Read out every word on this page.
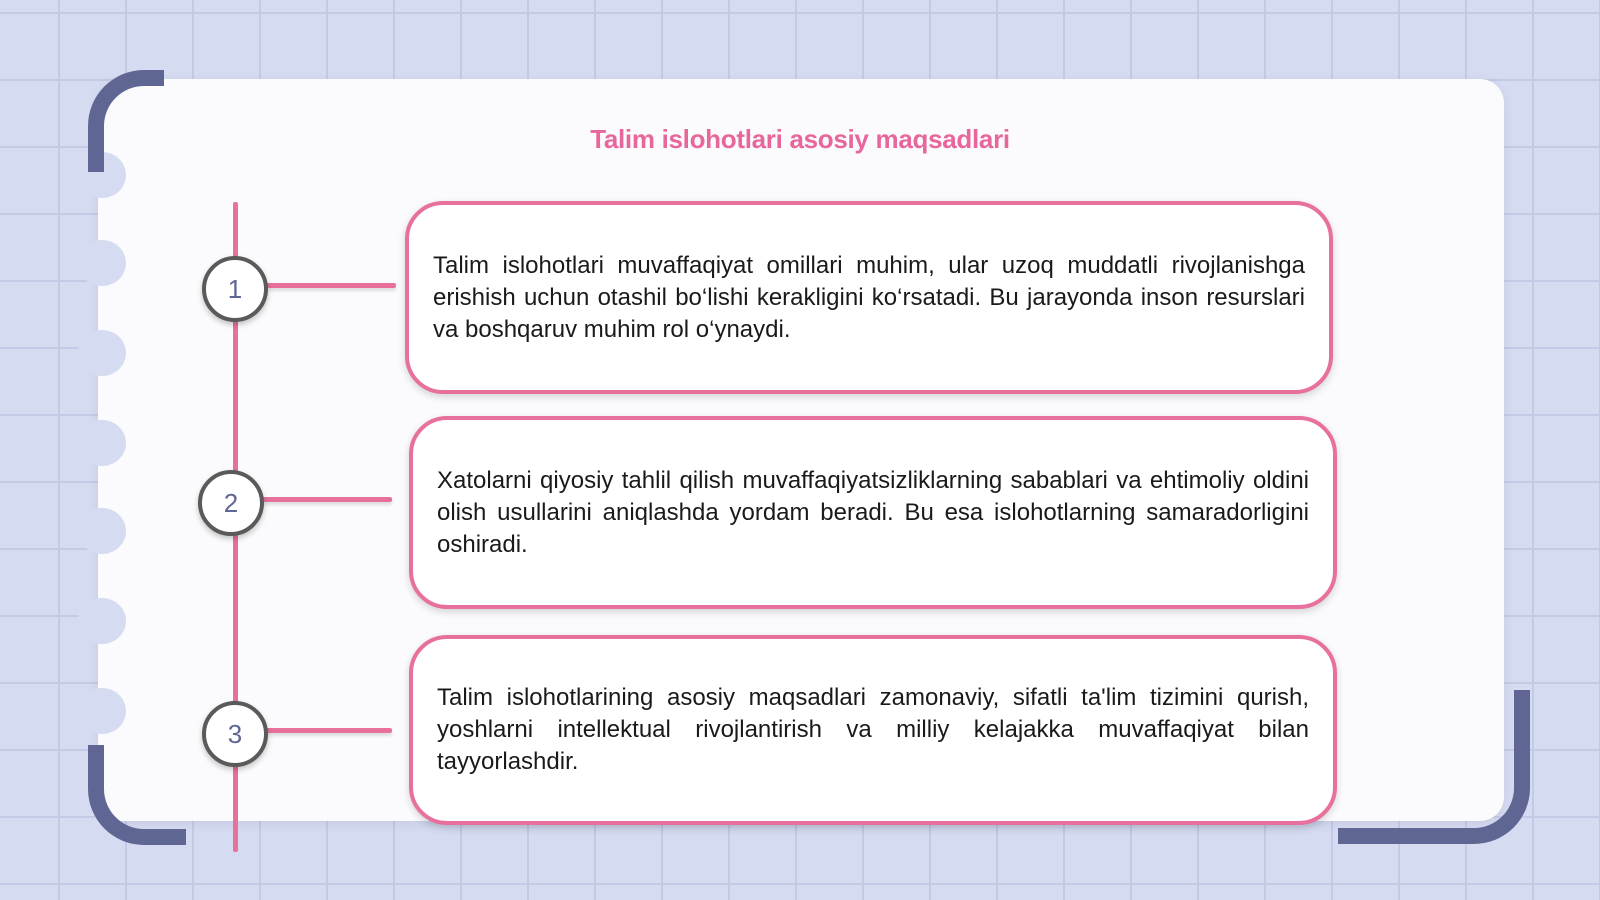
Talim islohotlari asosiy maqsadlari
1
2
3
Talim islohotlari muvaffaqiyat omillari muhim, ular uzoq muddatli rivojlanishga erishish uchun otashil bo‘lishi kerakligini ko‘rsatadi. Bu jarayonda inson resurslari va boshqaruv muhim rol o‘ynaydi.
Xatolarni qiyosiy tahlil qilish muvaffaqiyatsizliklarning sabablari va ehtimoliy oldini olish usullarini aniqlashda yordam beradi. Bu esa islohotlarning samaradorligini oshiradi.
Talim islohotlarining asosiy maqsadlari zamonaviy, sifatli ta'lim tizimini qurish, yoshlarni intellektual rivojlantirish va milliy kelajakka muvaffaqiyat bilan tayyorlashdir.
